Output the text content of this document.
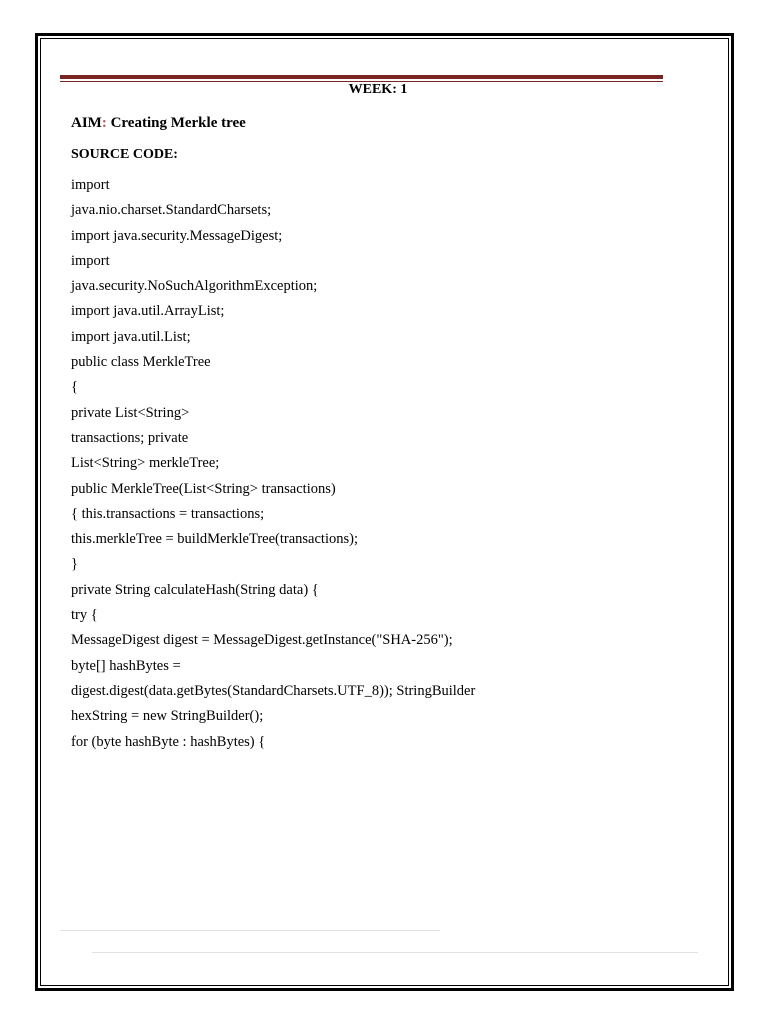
WEEK: 1
AIM: Creating Merkle tree
SOURCE CODE:
import
java.nio.charset.StandardCharsets;
import java.security.MessageDigest;
import
java.security.NoSuchAlgorithmException;
import java.util.ArrayList;
import java.util.List;
public class MerkleTree
{
private List<String>
transactions; private
List<String> merkleTree;
public MerkleTree(List<String> transactions)
{ this.transactions = transactions;
this.merkleTree = buildMerkleTree(transactions);
}
private String calculateHash(String data) {
try {
MessageDigest digest = MessageDigest.getInstance("SHA-256");
byte[] hashBytes =
digest.digest(data.getBytes(StandardCharsets.UTF_8)); StringBuilder
hexString = new StringBuilder();
for (byte hashByte : hashBytes) {
